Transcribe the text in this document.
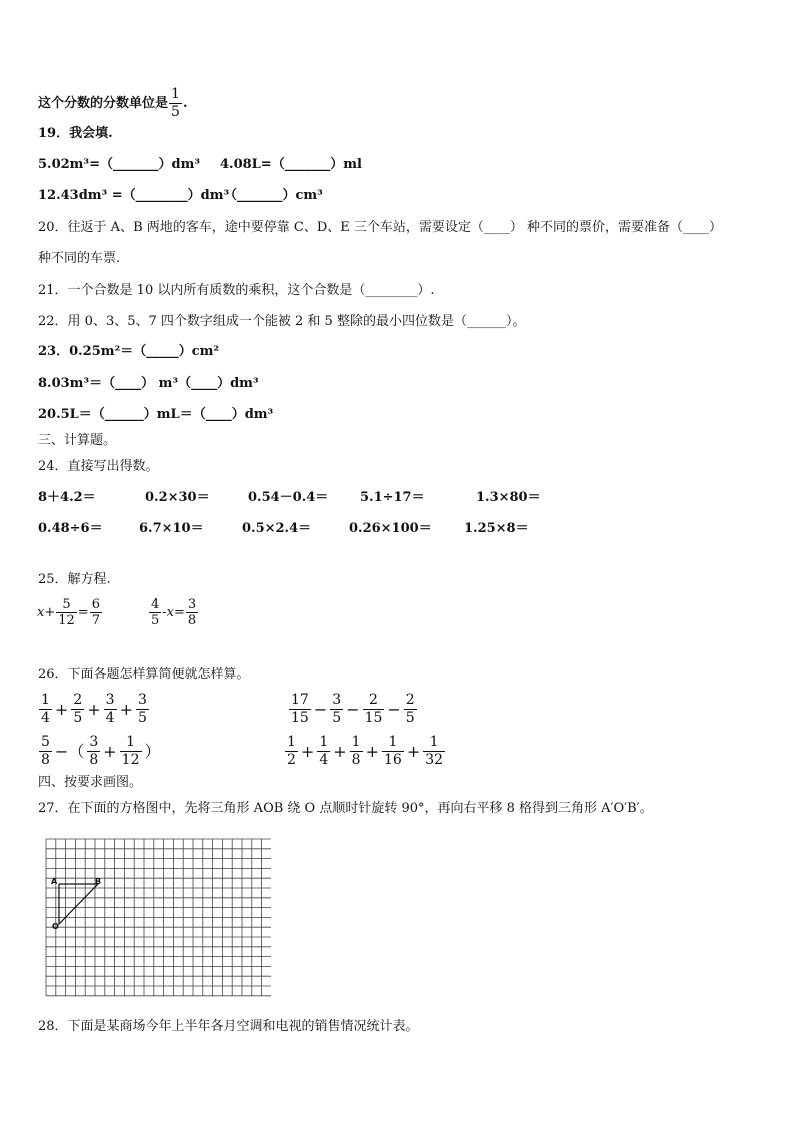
这个分数的分数单位是 $\frac{1}{5}$ .
19．我会填.
5.02m³=（_______）dm³ 4.08L=（_______）ml
12.43dm³ =（________）dm³
（_______）cm³
20．往返于 A、B 两地的客车，途中要停靠 C、D、E 三个车站，需要设定（____） 种不同的票价，需要准备（____）
种不同的车票.
21．一个合数是 10 以内所有质数的乘积，这个合数是（________）.
22．用 0、3、5、7 四个数字组成一个能被 2 和 5 整除的最小四位数是（______）。
23．0.25m²＝（_____）cm²
8.03m³＝（____） m³（____）dm³
20.5L＝（______）mL＝（____）dm³
三、计算题。
24．直接写出得数。
8＋4.2＝	0.2×30＝	0.54－0.4＝ 5.1÷17＝	1.3×80＝
0.48÷6＝	6.7×10＝	0.5×2.4＝	0.26×100＝ 1.25×8＝
25．解方程.
$x+ \frac{5}{12} = \frac{6}{7}$	$\frac{4}{5} -x= \frac{3}{8}$
26．下面各题怎样算简便就怎样算。
$\frac{1}{4} + \frac{2}{5} + \frac{3}{4} + \frac{3}{5}$	$\frac{17}{15} - \frac{3}{5} - \frac{2}{15} - \frac{2}{5}$
$\frac{5}{8}$ −（ $\frac{3}{8} + \frac{1}{12}$ ）	$\frac{1}{2} + \frac{1}{4} + \frac{1}{8} + \frac{1}{16} + \frac{1}{32}$
四、按要求画图。
27．在下面的方格图中，先将三角形 AOB 绕 O 点顺时针旋转 90°，再向右平移 8 格得到三角形 A′O′B′。
A	B
O
28．下面是某商场今年上半年各月空调和电视的销售情况统计表。
